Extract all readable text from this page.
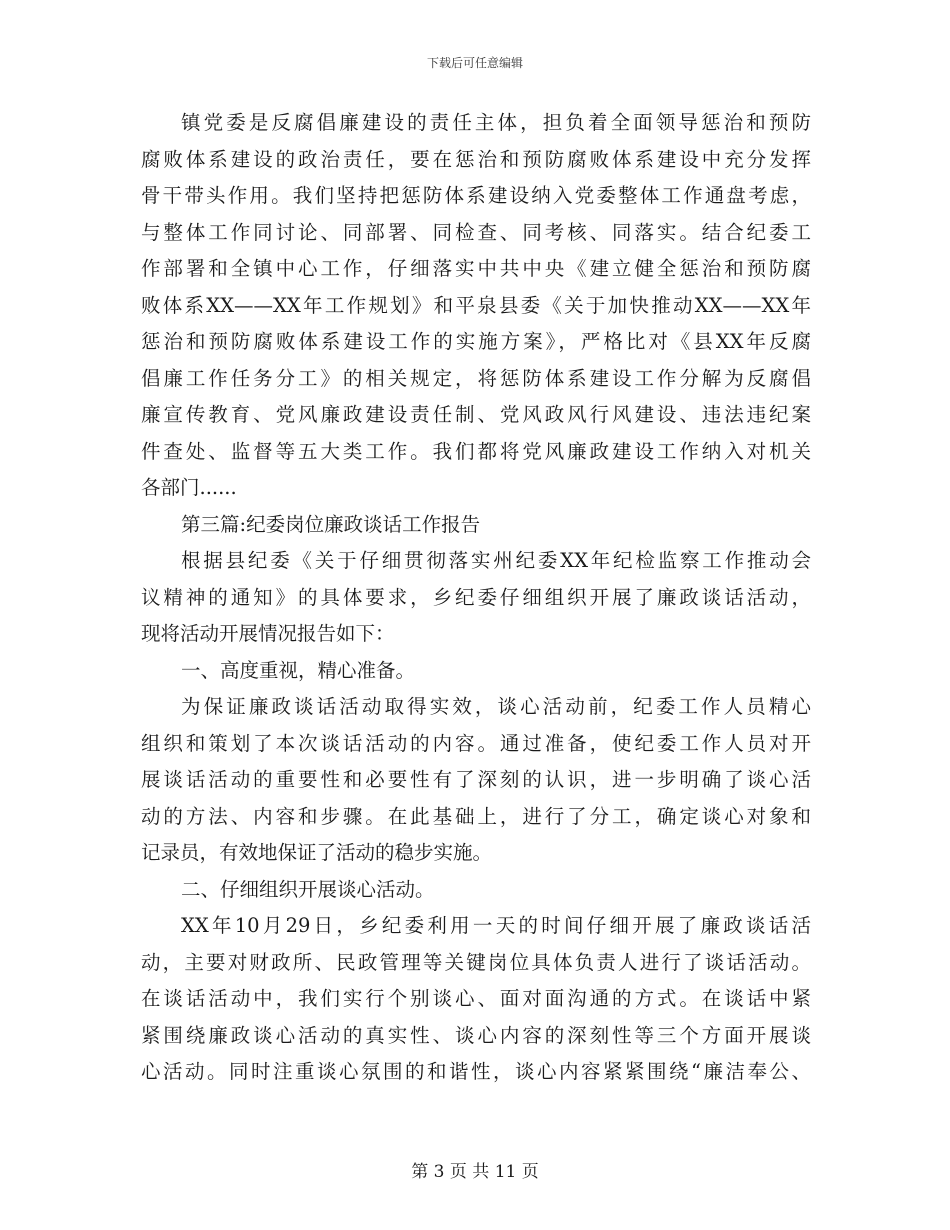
下载后可任意编辑
镇党委是反腐倡廉建设的责任主体，担负着全面领导惩治和预防
腐败体系建设的政治责任，要在惩治和预防腐败体系建设中充分发挥
骨干带头作用。我们坚持把惩防体系建设纳入党委整体工作通盘考虑，
与整体工作同讨论、同部署、同检查、同考核、同落实。结合纪委工
作部署和全镇中心工作，仔细落实中共中央《建立健全惩治和预防腐
败体系XX——XX年工作规划》和平泉县委《关于加快推动XX——XX年
惩治和预防腐败体系建设工作的实施方案》，严格比对《县XX年反腐
倡廉工作任务分工》的相关规定，将惩防体系建设工作分解为反腐倡
廉宣传教育、党风廉政建设责任制、党风政风行风建设、违法违纪案
件查处、监督等五大类工作。我们都将党风廉政建设工作纳入对机关
各部门......
第三篇:纪委岗位廉政谈话工作报告
根据县纪委《关于仔细贯彻落实州纪委XX年纪检监察工作推动会
议精神的通知》的具体要求，乡纪委仔细组织开展了廉政谈话活动，
现将活动开展情况报告如下：
一、高度重视，精心准备。
为保证廉政谈话活动取得实效，谈心活动前，纪委工作人员精心
组织和策划了本次谈话活动的内容。通过准备，使纪委工作人员对开
展谈话活动的重要性和必要性有了深刻的认识，进一步明确了谈心活
动的方法、内容和步骤。在此基础上，进行了分工，确定谈心对象和
记录员，有效地保证了活动的稳步实施。
二、仔细组织开展谈心活动。
XX年10月29日，乡纪委利用一天的时间仔细开展了廉政谈话活
动，主要对财政所、民政管理等关键岗位具体负责人进行了谈话活动。
在谈话活动中，我们实行个别谈心、面对面沟通的方式。在谈话中紧
紧围绕廉政谈心活动的真实性、谈心内容的深刻性等三个方面开展谈
心活动。同时注重谈心氛围的和谐性，谈心内容紧紧围绕“廉洁奉公、
第 3 页 共 11 页
